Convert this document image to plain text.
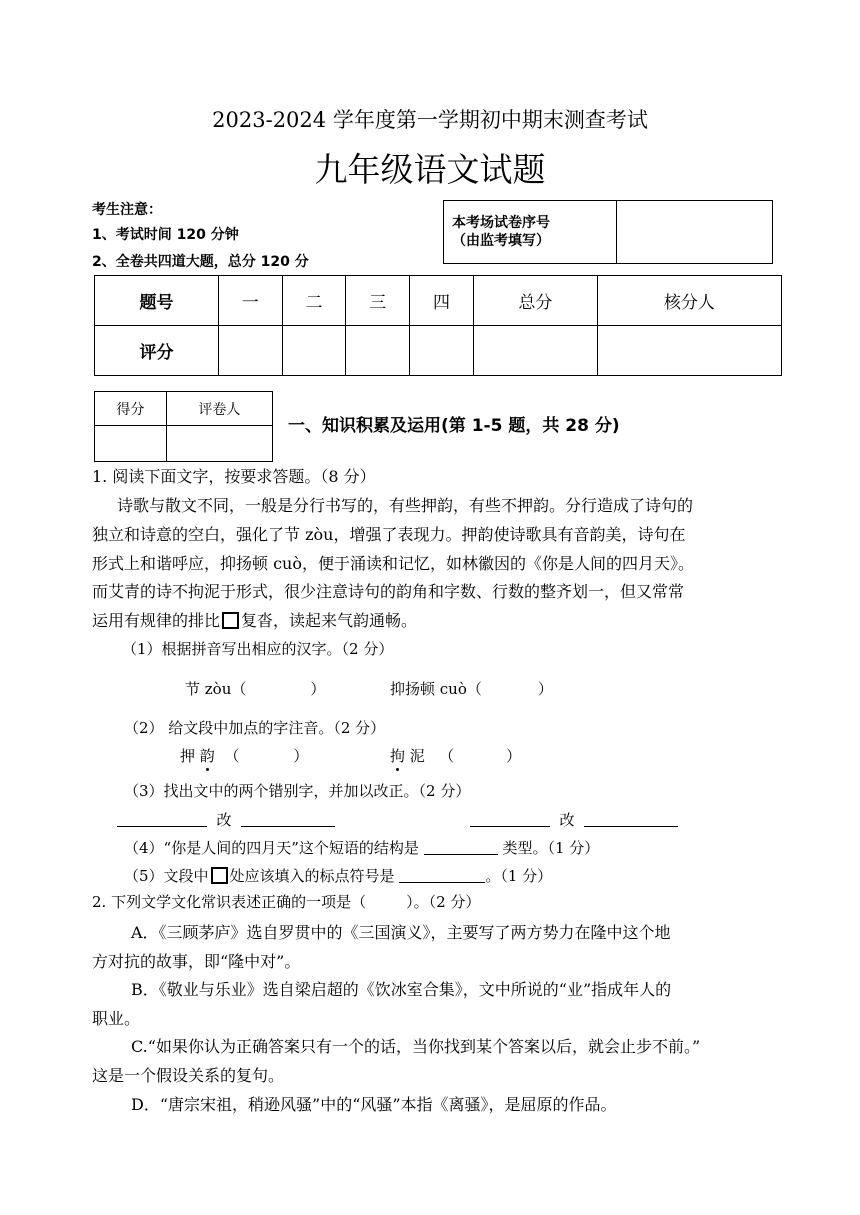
2023-2024 学年度第一学期初中期末测查考试
九年级语文试题
考生注意：
1、考试时间 120 分钟
2、全卷共四道大题，总分 120 分
本考场试卷序号
（由监考填写）

题号	一	二	三	四	总分	核分人
评分						
得分	评卷人

一、知识积累及运用(第 1-5 题，共 28 分)
1. 阅读下面文字，按要求答题。（8 分）
诗歌与散文不同，一般是分行书写的，有些押韵，有些不押韵。分行造成了诗句的
独立和诗意的空白，强化了节 zòu，增强了表现力。押韵使诗歌具有音韵美，诗句在
形式上和谐呼应，抑扬顿 cuò，便于涌读和记忆，如林徽因的《你是人间的四月天》。
而艾青的诗不拘泥于形式，很少注意诗句的韵角和字数、行数的整齐划一，但又常常
运用有规律的排比 复沓，读起来气韵通畅。
（1）根据拼音写出相应的汉字。（2 分）
节 zòu（	）	抑扬顿 cuò（	）
（2） 给文段中加点的字注音。（2 分）
押 韵 （	）	拘 泥 （	）
（3）找出文中的两个错别字，并加以改正。（2 分）
改	改
（4）“你是人间的四月天”这个短语的结构是	类型。（1 分）
（5）文段中 处应该填入的标点符号是	。（1 分）
2. 下列文学文化常识表述正确的一项是（	）。（2 分）
A．《三顾茅庐》选自罗贯中的《三国演义》，主要写了两方势力在隆中这个地
方对抗的故事，即“隆中对”。
B．《敬业与乐业》选自梁启超的《饮冰室合集》，文中所说的“业”指成年人的
职业。
C.“如果你认为正确答案只有一个的话，当你找到某个答案以后，就会止步不前。”
这是一个假设关系的复句。
D．“唐宗宋祖，稍逊风骚”中的“风骚”本指《离骚》，是屈原的作品。
